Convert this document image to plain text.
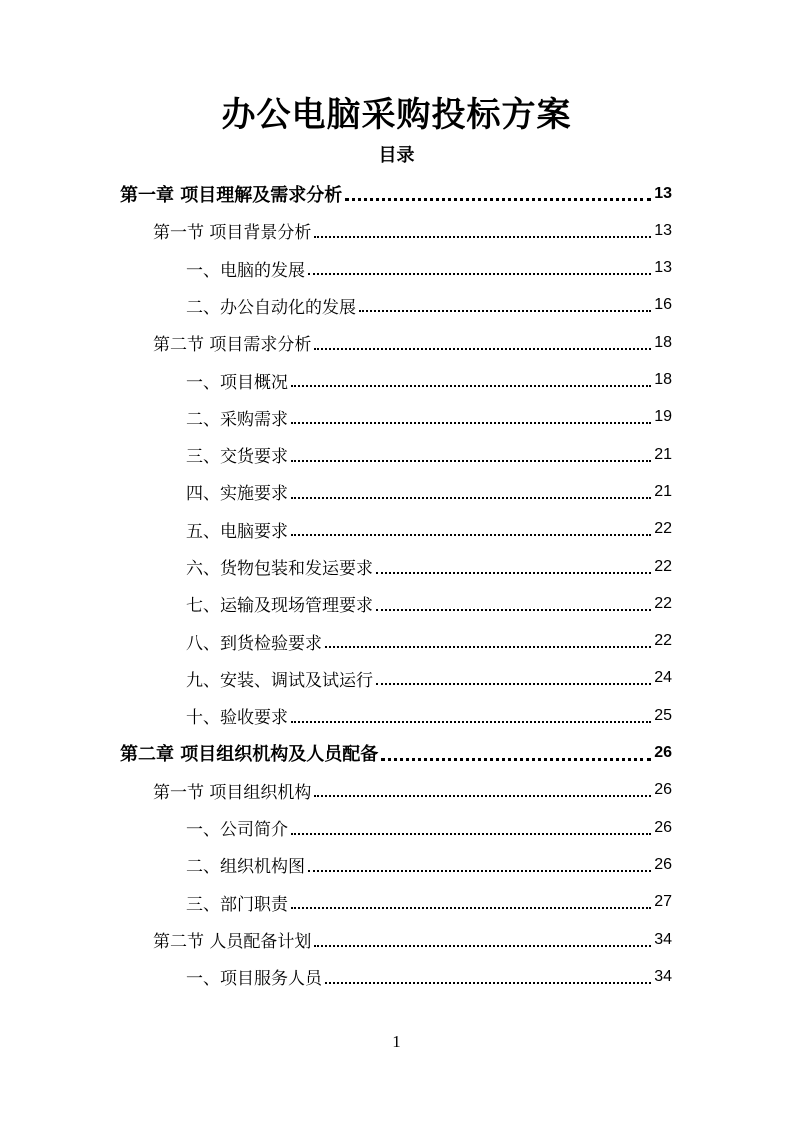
办公电脑采购投标方案
目录
第一章 项目理解及需求分析	13
第一节 项目背景分析	13
一、电脑的发展	13
二、办公自动化的发展	16
第二节 项目需求分析	18
一、项目概况	18
二、采购需求	19
三、交货要求	21
四、实施要求	21
五、电脑要求	22
六、货物包装和发运要求	22
七、运输及现场管理要求	22
八、到货检验要求	22
九、安装、调试及试运行	24
十、验收要求	25
第二章 项目组织机构及人员配备	26
第一节 项目组织机构	26
一、公司简介	26
二、组织机构图	26
三、部门职责	27
第二节 人员配备计划	34
一、项目服务人员	34
1
